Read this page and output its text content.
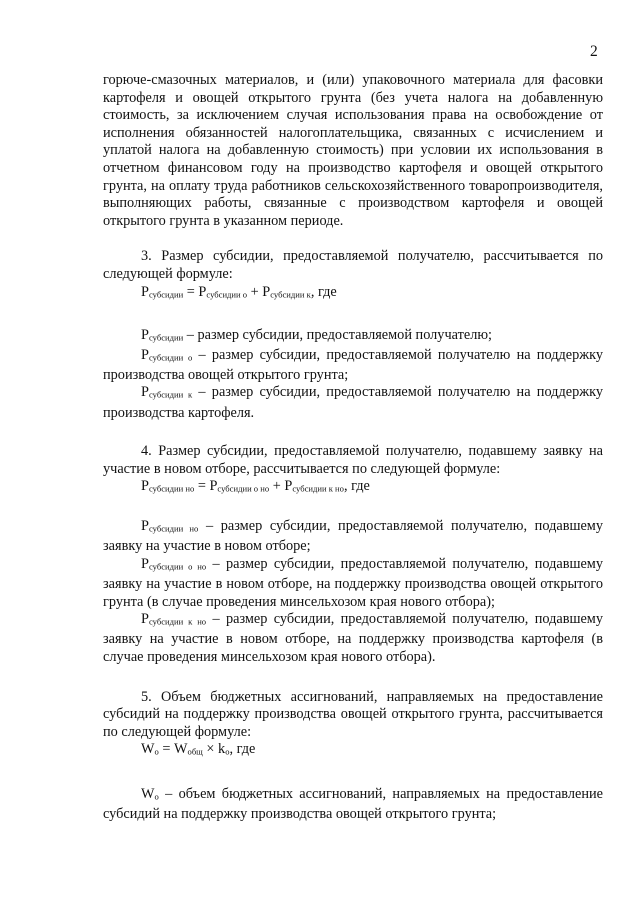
2

горюче-смазочных материалов, и (или) упаковочного материала для фасовки картофеля и овощей открытого грунта (без учета налога на добавленную стоимость, за исключением случая использования права на освобождение от исполнения обязанностей налогоплательщика, связанных с исчислением и уплатой налога на добавленную стоимость) при условии их использования в отчетном финансовом году на производство картофеля и овощей открытого грунта, на оплату труда работников сельскохозяйственного товаропроизводителя, выполняющих работы, связанные с производством картофеля и овощей открытого грунта в указанном периоде.

3. Размер субсидии, предоставляемой получателю, рассчитывается по следующей формуле:

Pсубсидии = Pсубсидии о + Pсубсидии к, где

Pсубсидии – размер субсидии, предоставляемой получателю;

Pсубсидии о – размер субсидии, предоставляемой получателю на поддержку производства овощей открытого грунта;

Pсубсидии к – размер субсидии, предоставляемой получателю на поддержку производства картофеля.

4. Размер субсидии, предоставляемой получателю, подавшему заявку на участие в новом отборе, рассчитывается по следующей формуле:

Pсубсидии но = Pсубсидии о но + Pсубсидии к но, где

Pсубсидии но – размер субсидии, предоставляемой получателю, подавшему заявку на участие в новом отборе;

Pсубсидии о но – размер субсидии, предоставляемой получателю, подавшему заявку на участие в новом отборе, на поддержку производства овощей открытого грунта (в случае проведения минсельхозом края нового отбора);

Pсубсидии к но – размер субсидии, предоставляемой получателю, подавшему заявку на участие в новом отборе, на поддержку производства картофеля (в случае проведения минсельхозом края нового отбора).

5. Объем бюджетных ассигнований, направляемых на предоставление субсидий на поддержку производства овощей открытого грунта, рассчитывается по следующей формуле:

Wо = Wобщ × kо, где

Wо – объем бюджетных ассигнований, направляемых на предоставление субсидий на поддержку производства овощей открытого грунта;
